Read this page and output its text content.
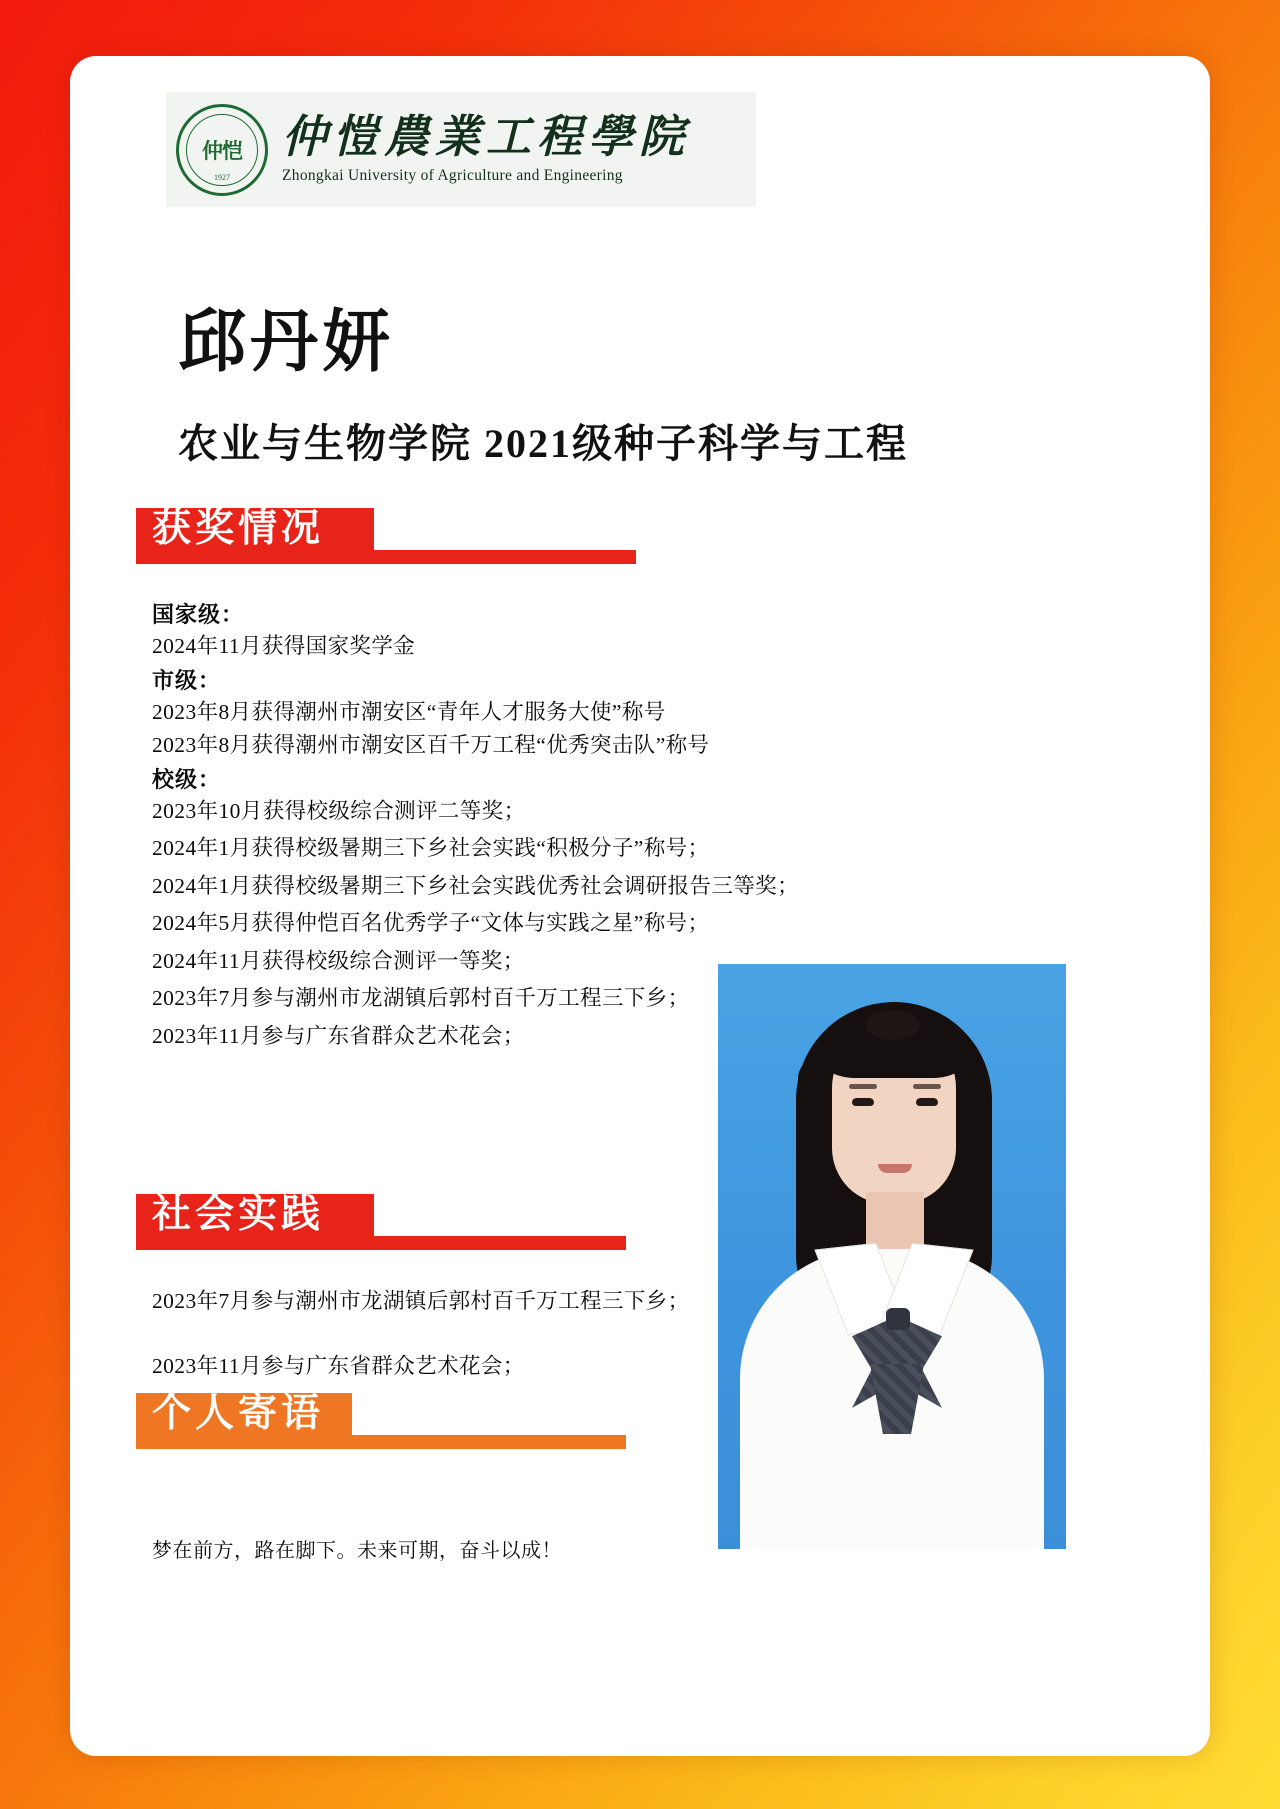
仲恺
1927
仲愷農業工程學院
Zhongkai University of Agriculture and Engineering
邱丹妍
农业与生物学院 2021级种子科学与工程
获奖情况
国家级：
2024年11月获得国家奖学金
市级：
2023年8月获得潮州市潮安区“青年人才服务大使”称号
2023年8月获得潮州市潮安区百千万工程“优秀突击队”称号
校级：
2023年10月获得校级综合测评二等奖；
2024年1月获得校级暑期三下乡社会实践“积极分子”称号；
2024年1月获得校级暑期三下乡社会实践优秀社会调研报告三等奖；
2024年5月获得仲恺百名优秀学子“文体与实践之星”称号；
2024年11月获得校级综合测评一等奖；
2023年7月参与潮州市龙湖镇后郭村百千万工程三下乡；
2023年11月参与广东省群众艺术花会；
社会实践
2023年7月参与潮州市龙湖镇后郭村百千万工程三下乡；
2023年11月参与广东省群众艺术花会；
个人寄语
梦在前方，路在脚下。未来可期，奋斗以成！
